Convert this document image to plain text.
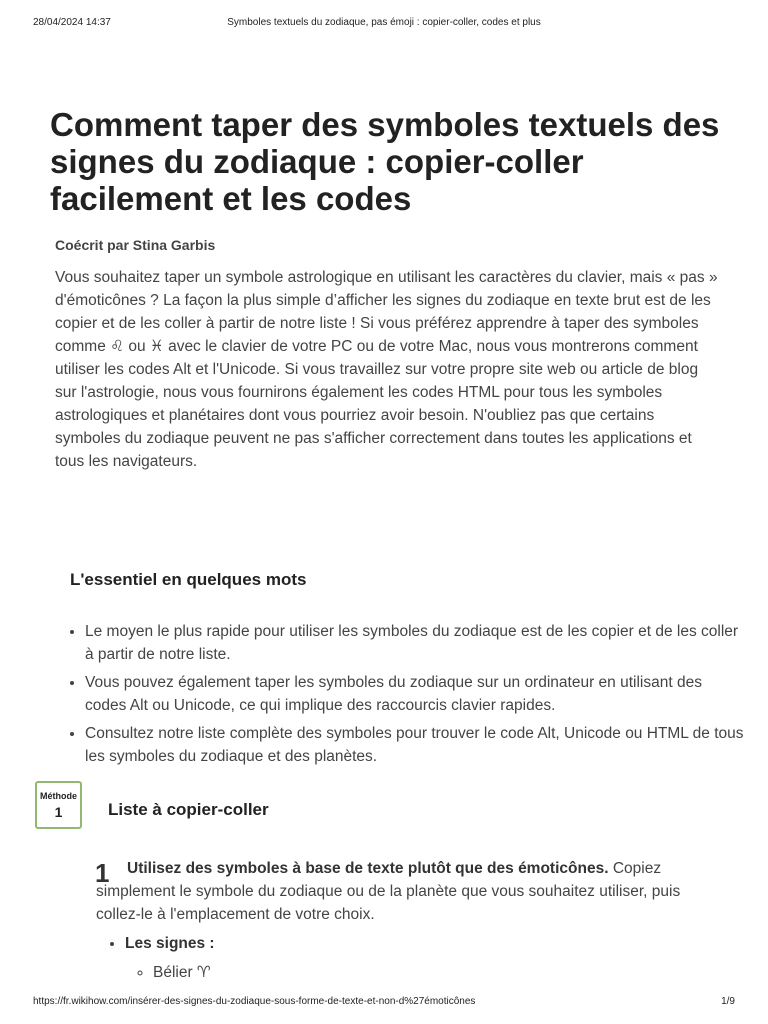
28/04/2024 14:37	Symboles textuels du zodiaque, pas émoji : copier-coller, codes et plus
Comment taper des symboles textuels des signes du zodiaque : copier-coller facilement et les codes

Coécrit par Stina Garbis

Vous souhaitez taper un symbole astrologique en utilisant les caractères du clavier, mais « pas » d'émoticônes ? La façon la plus simple d’afficher les signes du zodiaque en texte brut est de les copier et de les coller à partir de notre liste ! Si vous préférez apprendre à taper des symboles comme ♌︎ ou ♓︎ avec le clavier de votre PC ou de votre Mac, nous vous montrerons comment utiliser les codes Alt et l'Unicode. Si vous travaillez sur votre propre site web ou article de blog sur l'astrologie, nous vous fournirons également les codes HTML pour tous les symboles astrologiques et planétaires dont vous pourriez avoir besoin. N'oubliez pas que certains symboles du zodiaque peuvent ne pas s'afficher correctement dans toutes les applications et tous les navigateurs.

L'essentiel en quelques mots
• Le moyen le plus rapide pour utiliser les symboles du zodiaque est de les copier et de les coller à partir de notre liste.
• Vous pouvez également taper les symboles du zodiaque sur un ordinateur en utilisant des codes Alt ou Unicode, ce qui implique des raccourcis clavier rapides.
• Consultez notre liste complète des symboles pour trouver le code Alt, Unicode ou HTML de tous les symboles du zodiaque et des planètes.
Méthode
1	Liste à copier-coller
1	Utilisez des symboles à base de texte plutôt que des émoticônes. Copiez simplement le symbole du zodiaque ou de la planète que vous souhaitez utiliser, puis collez-le à l'emplacement de votre choix.

• Les signes :
◦ Bélier ♈︎
https://fr.wikihow.com/insérer-des-signes-du-zodiaque-sous-forme-de-texte-et-non-d%27émoticônes	1/9
